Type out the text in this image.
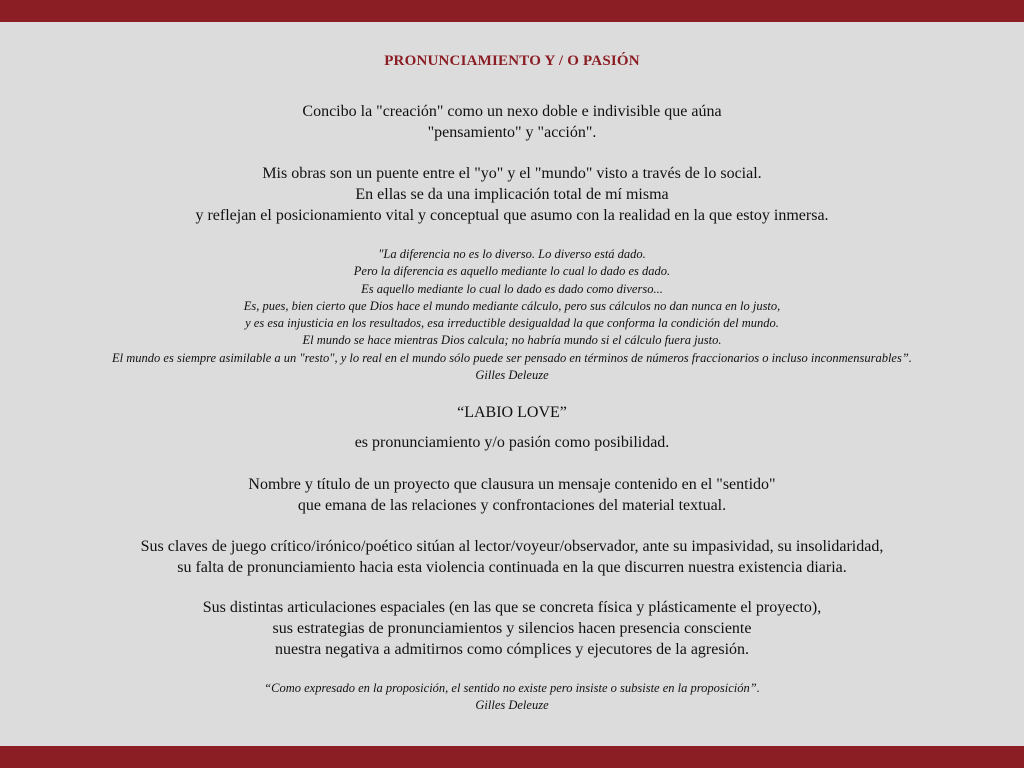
PRONUNCIAMIENTO Y / O PASIÓN
Concibo la "creación" como un nexo doble e indivisible que aúna
"pensamiento" y "acción".
Mis obras son un puente entre el "yo" y el "mundo" visto a través de lo social.
En ellas se da una implicación total de mí misma
y reflejan el posicionamiento vital y conceptual que asumo con la realidad en la que estoy inmersa.
"La diferencia no es lo diverso. Lo diverso está dado.
Pero la diferencia es aquello mediante lo cual lo dado es dado.
Es aquello mediante lo cual lo dado es dado como diverso...
Es, pues, bien cierto que Dios hace el mundo mediante cálculo, pero sus cálculos no dan nunca en lo justo,
y es esa injusticia en los resultados, esa irreductible desigualdad la que conforma la condición del mundo.
El mundo se hace mientras Dios calcula; no habría mundo si el cálculo fuera justo.
El mundo es siempre asimilable a un "resto", y lo real en el mundo sólo puede ser pensado en términos de números fraccionarios o incluso inconmensurables”.
Gilles Deleuze
“LABIO LOVE”
es pronunciamiento y/o pasión como posibilidad.
Nombre y título de un proyecto que clausura un mensaje contenido en el "sentido"
que emana de las relaciones y confrontaciones del material textual.
Sus claves de juego crítico/irónico/poético sitúan al lector/voyeur/observador, ante su impasividad, su insolidaridad,
su falta de pronunciamiento hacia esta violencia continuada en la que discurren nuestra existencia diaria.
Sus distintas articulaciones espaciales (en las que se concreta física y plásticamente el proyecto),
sus estrategias de pronunciamientos y silencios hacen presencia consciente
nuestra negativa a admitirnos como cómplices y ejecutores de la agresión.
“Como expresado en la proposición, el sentido no existe pero insiste o subsiste en la proposición”.
Gilles Deleuze
